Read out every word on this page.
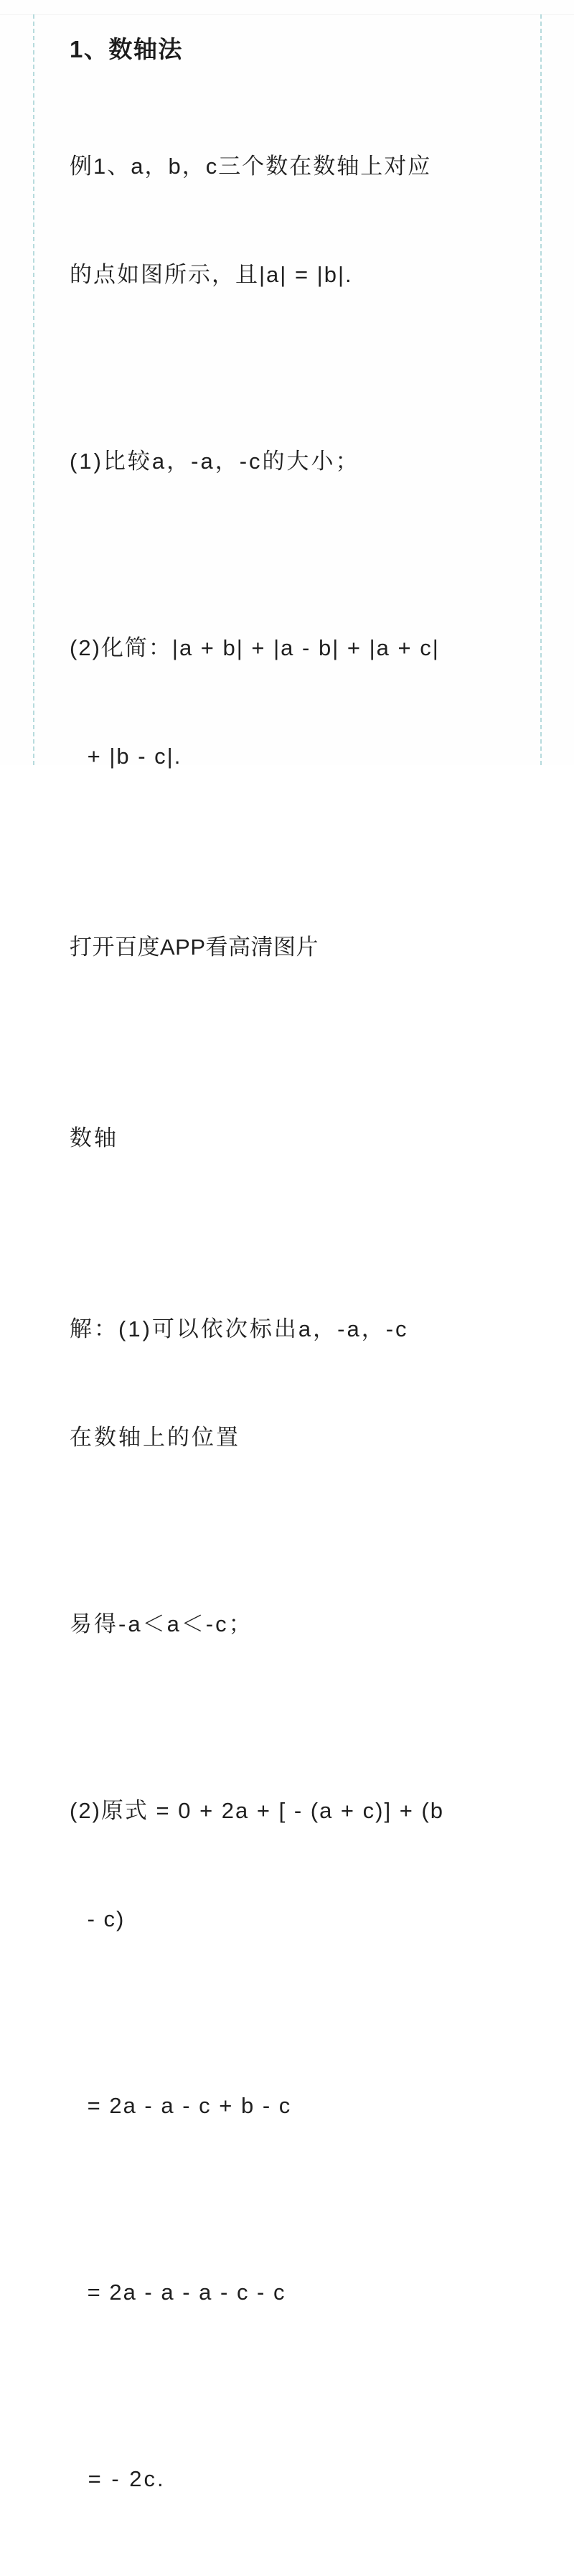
1、数轴法

例1、a，b，c三个数在数轴上对应

的点如图所示，且|a| = |b|.

(1)比较a，‑a，‑c的大小；

(2)化简：|a + b| + |a ‑ b| + |a + c|

+ |b ‑ c|.

打开百度APP看高清图片

数轴

解：(1)可以依次标出a，‑a，‑c

在数轴上的位置

易得‑a＜a＜‑c；

(2)原式 = 0 + 2a + [ ‑ (a + c)] + (b

‑ c)

= 2a ‑ a ‑ c + b ‑ c

= 2a ‑ a ‑ a ‑ c ‑ c

= ‑ 2c.
